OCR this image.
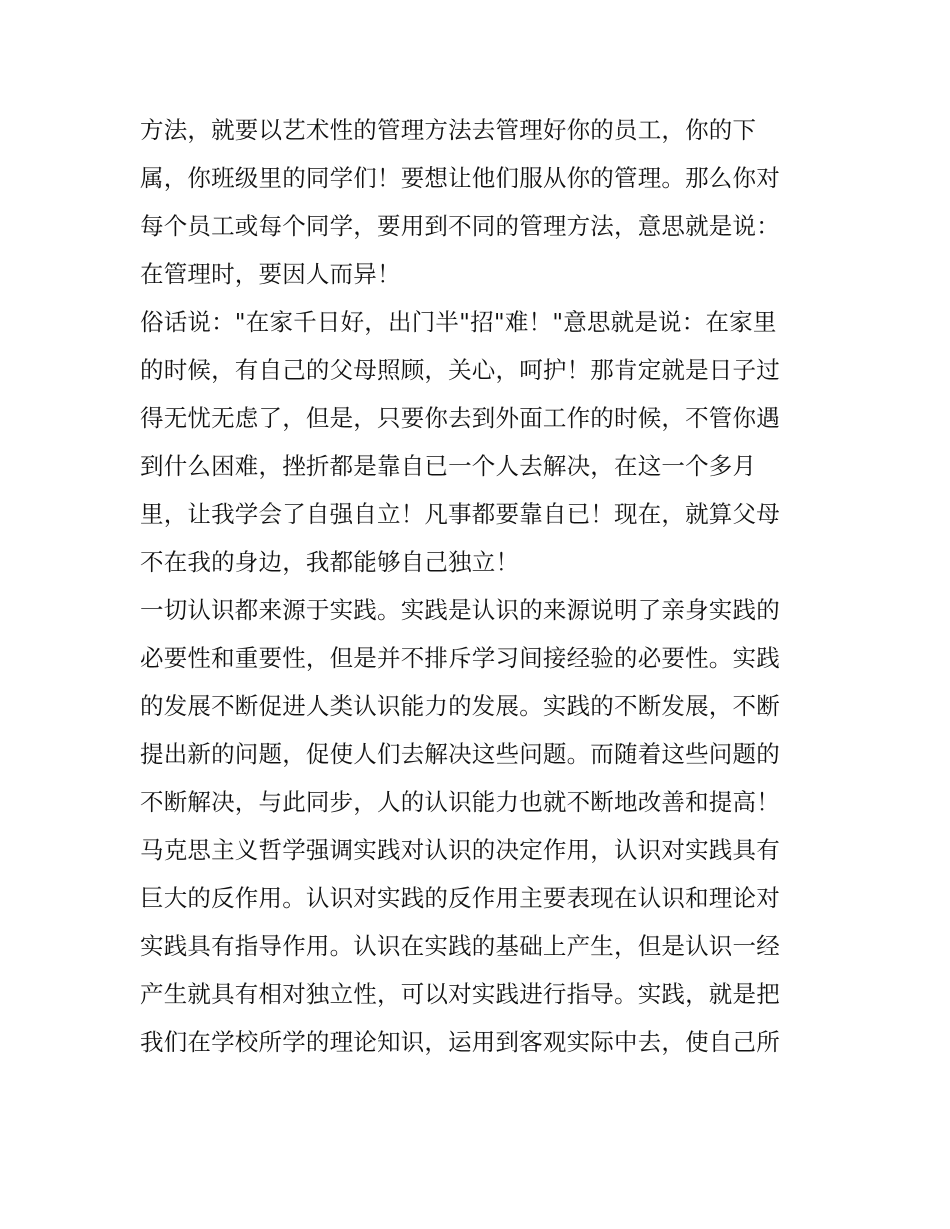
方法，就要以艺术性的管理方法去管理好你的员工，你的下
属，你班级里的同学们！要想让他们服从你的管理。那么你对
每个员工或每个同学，要用到不同的管理方法，意思就是说：
在管理时，要因人而异！
俗话说："在家千日好，出门半"招"难！"意思就是说：在家里
的时候，有自己的父母照顾，关心，呵护！那肯定就是日子过
得无忧无虑了，但是，只要你去到外面工作的时候，不管你遇
到什么困难，挫折都是靠自已一个人去解决，在这一个多月
里，让我学会了自强自立！凡事都要靠自已！现在，就算父母
不在我的身边，我都能够自己独立！
一切认识都来源于实践。实践是认识的来源说明了亲身实践的
必要性和重要性，但是并不排斥学习间接经验的必要性。实践
的发展不断促进人类认识能力的发展。实践的不断发展，不断
提出新的问题，促使人们去解决这些问题。而随着这些问题的
不断解决，与此同步，人的认识能力也就不断地改善和提高！
马克思主义哲学强调实践对认识的决定作用，认识对实践具有
巨大的反作用。认识对实践的反作用主要表现在认识和理论对
实践具有指导作用。认识在实践的基础上产生，但是认识一经
产生就具有相对独立性，可以对实践进行指导。实践，就是把
我们在学校所学的理论知识，运用到客观实际中去，使自己所
